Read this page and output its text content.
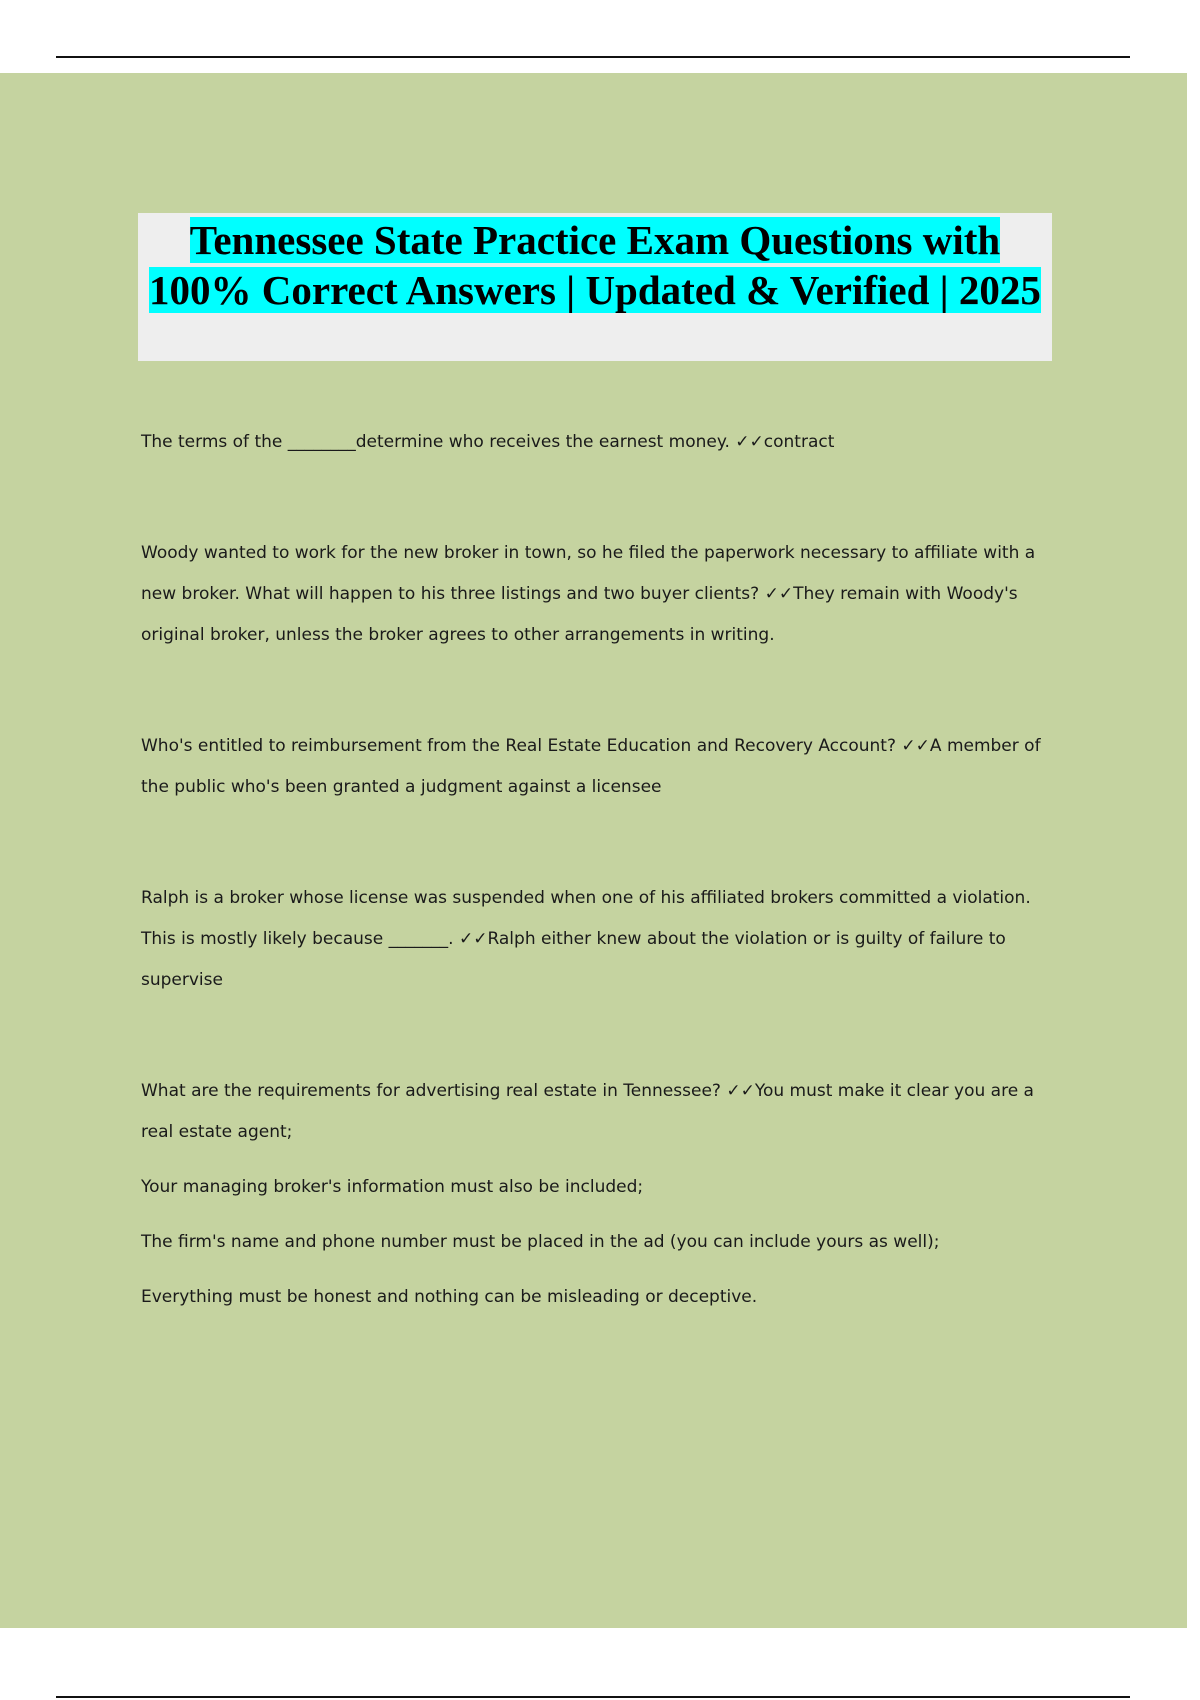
Tennessee State Practice Exam Questions with 100% Correct Answers | Updated & Verified | 2025

The terms of the ________determine who receives the earnest money. ✓✓contract

Woody wanted to work for the new broker in town, so he filed the paperwork necessary to affiliate with a new broker. What will happen to his three listings and two buyer clients? ✓✓They remain with Woody's original broker, unless the broker agrees to other arrangements in writing.

Who's entitled to reimbursement from the Real Estate Education and Recovery Account? ✓✓A member of the public who's been granted a judgment against a licensee

Ralph is a broker whose license was suspended when one of his affiliated brokers committed a violation. This is mostly likely because _______. ✓✓Ralph either knew about the violation or is guilty of failure to supervise

What are the requirements for advertising real estate in Tennessee? ✓✓You must make it clear you are a real estate agent;

Your managing broker's information must also be included;

The firm's name and phone number must be placed in the ad (you can include yours as well);

Everything must be honest and nothing can be misleading or deceptive.
